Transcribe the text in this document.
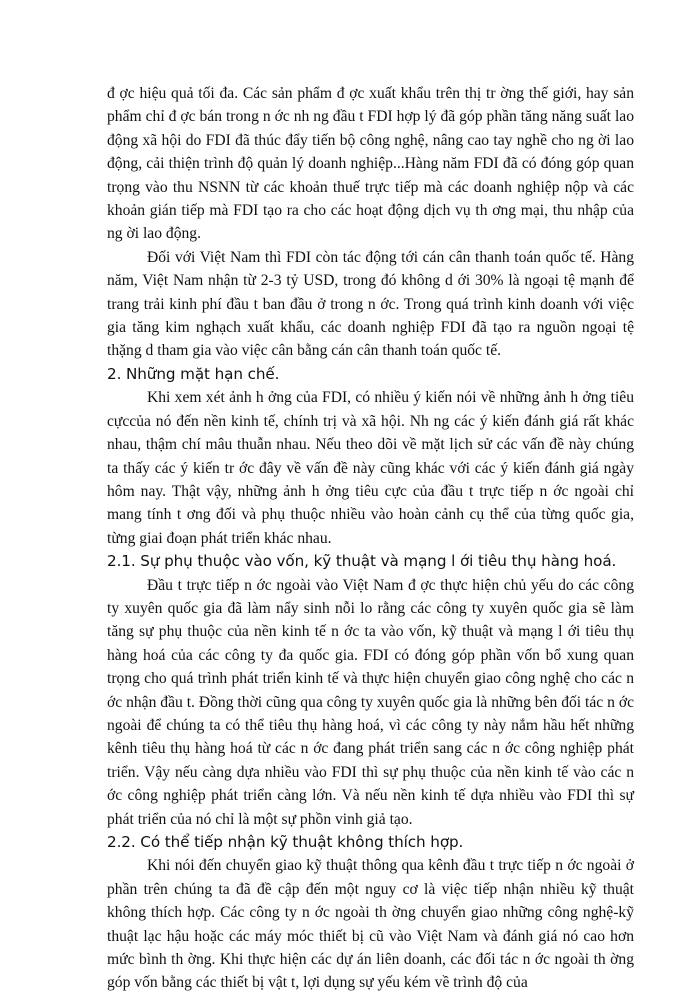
đ ợc hiệu quả tối đa. Các sản phẩm đ ợc xuất khẩu trên thị tr ờng thế giới, hay sản phẩm chỉ đ ợc bán trong n ớc nh ng đầu t FDI hợp lý đã góp phần tăng năng suất lao động xã hội do FDI đã thúc đẩy tiến bộ công nghệ, nâng cao tay nghề cho ng ời lao động, cải thiện trình độ quản lý doanh nghiệp...Hàng năm FDI đã có đóng góp quan trọng vào thu NSNN từ các khoản thuế trực tiếp mà các doanh nghiệp nộp và các khoản gián tiếp mà FDI tạo ra cho các hoạt động dịch vụ th ơng mại, thu nhập của ng ời lao động.

Đối với Việt Nam thì FDI còn tác động tới cán cân thanh toán quốc tế. Hàng năm, Việt Nam nhận từ 2-3 tỷ USD, trong đó không d ới 30% là ngoại tệ mạnh để trang trải kinh phí đầu t ban đầu ở trong n ớc. Trong quá trình kinh doanh với việc gia tăng kim nghạch xuất khẩu, các doanh nghiệp FDI đã tạo ra nguồn ngoại tệ thặng d tham gia vào việc cân bằng cán cân thanh toán quốc tế.

2. Những mặt hạn chế.

Khi xem xét ảnh h ởng của FDI, có nhiều ý kiến nói về những ảnh h ởng tiêu cựccủa nó đến nền kinh tế, chính trị và xã hội. Nh ng các ý kiến đánh giá rất khác nhau, thậm chí mâu thuẫn nhau. Nếu theo dõi về mặt lịch sử các vấn đề này chúng ta thấy các ý kiến tr ớc đây về vấn đề này cũng khác với các ý kiến đánh giá ngày hôm nay. Thật vậy, những ảnh h ởng tiêu cực của đầu t trực tiếp n ớc ngoài chỉ mang tính t ơng đối và phụ thuộc nhiều vào hoàn cảnh cụ thể của từng quốc gia, từng giai đoạn phát triển khác nhau.

2.1. Sự phụ thuộc vào vốn, kỹ thuật và mạng l ới tiêu thụ hàng hoá.

Đầu t trực tiếp n ớc ngoài vào Việt Nam đ ợc thực hiện chủ yếu do các công ty xuyên quốc gia đã làm nẩy sinh nỗi lo rằng các công ty xuyên quốc gia sẽ làm tăng sự phụ thuộc của nền kinh tế n ớc ta vào vốn, kỹ thuật và mạng l ới tiêu thụ hàng hoá của các công ty đa quốc gia. FDI có đóng góp phần vốn bổ xung quan trọng cho quá trình phát triển kinh tế và thực hiện chuyển giao công nghệ cho các n ớc nhận đầu t. Đồng thời cũng qua công ty xuyên quốc gia là những bên đối tác n ớc ngoài để chúng ta có thể tiêu thụ hàng hoá, vì các công ty này nắm hầu hết những kênh tiêu thụ hàng hoá từ các n ớc đang phát triển sang các n ớc công nghiệp phát triển. Vậy nếu càng dựa nhiều vào FDI thì sự phụ thuộc của nền kinh tế vào các n ớc công nghiệp phát triển càng lớn. Và nếu nền kinh tế dựa nhiều vào FDI thì sự phát triển của nó chỉ là một sự phồn vinh giả tạo.

2.2. Có thể tiếp nhận kỹ thuật không thích hợp.

Khi nói đến chuyển giao kỹ thuật thông qua kênh đầu t trực tiếp n ớc ngoài ở phần trên chúng ta đã đề cập đến một nguy cơ là việc tiếp nhận nhiều kỹ thuật không thích hợp. Các công ty n ớc ngoài th ờng chuyển giao những công nghệ-kỹ thuật lạc hậu hoặc các máy móc thiết bị cũ vào Việt Nam và đánh giá nó cao hơn mức bình th ờng. Khi thực hiện các dự án liên doanh, các đối tác n ớc ngoài th ờng góp vốn bằng các thiết bị vật t, lợi dụng sự yếu kém về trình độ của
